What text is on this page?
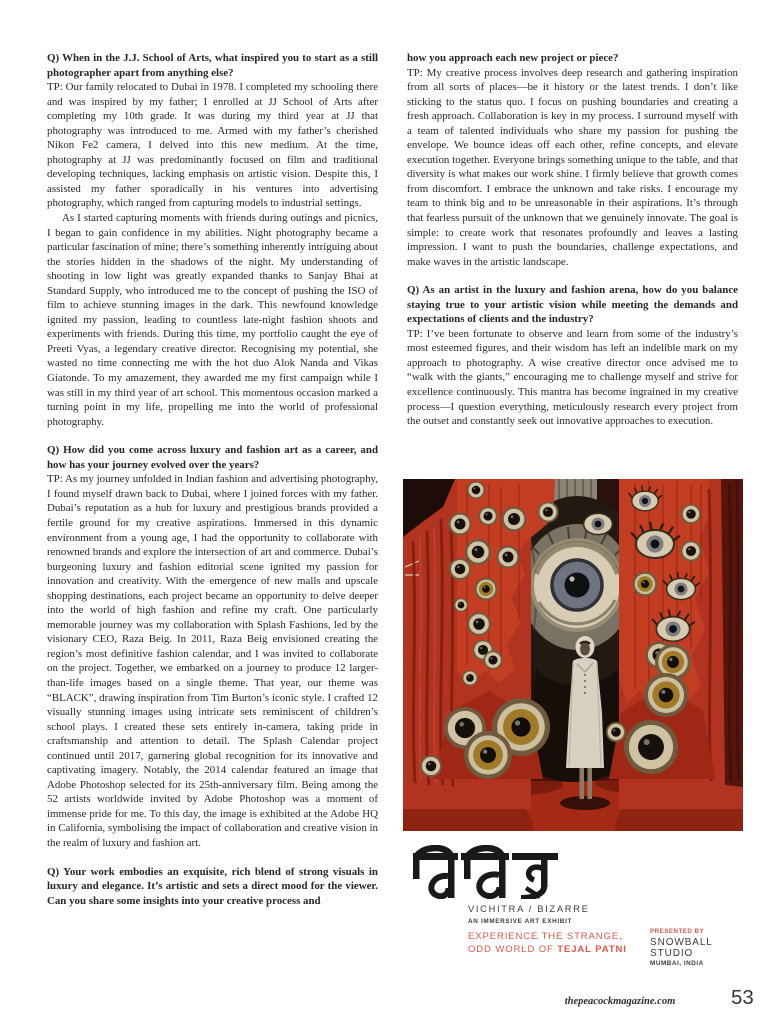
Q) When in the J.J. School of Arts, what inspired you to start as a still photographer apart from anything else?
TP: Our family relocated to Dubai in 1978. I completed my schooling there and was inspired by my father; I enrolled at JJ School of Arts after completing my 10th grade. It was during my third year at JJ that photography was introduced to me. Armed with my father’s cherished Nikon Fe2 camera, I delved into this new medium. At the time, photography at JJ was predominantly focused on film and traditional developing techniques, lacking emphasis on artistic vision. Despite this, I assisted my father sporadically in his ventures into advertising photography, which ranged from capturing models to industrial settings.
As I started capturing moments with friends during outings and picnics, I began to gain confidence in my abilities. Night photography became a particular fascination of mine; there’s something inherently intriguing about the stories hidden in the shadows of the night. My understanding of shooting in low light was greatly expanded thanks to Sanjay Bhai at Standard Supply, who introduced me to the concept of pushing the ISO of film to achieve stunning images in the dark. This newfound knowledge ignited my passion, leading to countless late-night fashion shoots and experiments with friends. During this time, my portfolio caught the eye of Preeti Vyas, a legendary creative director. Recognising my potential, she wasted no time connecting me with the hot duo Alok Nanda and Vikas Giatonde. To my amazement, they awarded me my first campaign while I was still in my third year of art school. This momentous occasion marked a turning point in my life, propelling me into the world of professional photography.
Q) How did you come across luxury and fashion art as a career, and how has your journey evolved over the years?
TP: As my journey unfolded in Indian fashion and advertising photography, I found myself drawn back to Dubai, where I joined forces with my father. Dubai’s reputation as a hub for luxury and prestigious brands provided a fertile ground for my creative aspirations. Immersed in this dynamic environment from a young age, I had the opportunity to collaborate with renowned brands and explore the intersection of art and commerce. Dubai’s burgeoning luxury and fashion editorial scene ignited my passion for innovation and creativity. With the emergence of new malls and upscale shopping destinations, each project became an opportunity to delve deeper into the world of high fashion and refine my craft. One particularly memorable journey was my collaboration with Splash Fashions, led by the visionary CEO, Raza Beig. In 2011, Raza Beig envisioned creating the region’s most definitive fashion calendar, and I was invited to collaborate on the project. Together, we embarked on a journey to produce 12 larger-than-life images based on a single theme. That year, our theme was “BLACK”, drawing inspiration from Tim Burton’s iconic style. I crafted 12 visually stunning images using intricate sets reminiscent of children’s school plays. I created these sets entirely in-camera, taking pride in craftsmanship and attention to detail. The Splash Calendar project continued until 2017, garnering global recognition for its innovative and captivating imagery. Notably, the 2014 calendar featured an image that Adobe Photoshop selected for its 25th-anniversary film. Being among the 52 artists worldwide invited by Adobe Photoshop was a moment of immense pride for me. To this day, the image is exhibited at the Adobe HQ in California, symbolising the impact of collaboration and creative vision in the realm of luxury and fashion art.
Q) Your work embodies an exquisite, rich blend of strong visuals in luxury and elegance. It’s artistic and sets a direct mood for the viewer. Can you share some insights into your creative process and
how you approach each new project or piece?
TP: My creative process involves deep research and gathering inspiration from all sorts of places—be it history or the latest trends. I don’t like sticking to the status quo. I focus on pushing boundaries and creating a fresh approach. Collaboration is key in my process. I surround myself with a team of talented individuals who share my passion for pushing the envelope. We bounce ideas off each other, refine concepts, and elevate execution together. Everyone brings something unique to the table, and that diversity is what makes our work shine. I firmly believe that growth comes from discomfort. I embrace the unknown and take risks. I encourage my team to think big and to be unreasonable in their aspirations. It’s through that fearless pursuit of the unknown that we genuinely innovate. The goal is simple: to create work that resonates profoundly and leaves a lasting impression. I want to push the boundaries, challenge expectations, and make waves in the artistic landscape.
Q) As an artist in the luxury and fashion arena, how do you balance staying true to your artistic vision while meeting the demands and expectations of clients and the industry?
TP: I’ve been fortunate to observe and learn from some of the industry’s most esteemed figures, and their wisdom has left an indelible mark on my approach to photography. A wise creative director once advised me to “walk with the giants,” encouraging me to challenge myself and strive for excellence continuously. This mantra has become ingrained in my creative process—I question everything, meticulously research every project from the outset and constantly seek out innovative approaches to execution.
VICHITRA / BIZARRE
AN IMMERSIVE ART EXHIBIT
EXPERIENCE THE STRANGE,
ODD WORLD OF TEJAL PATNI
PRESENTED BY
SNOWBALL STUDIO
MUMBAI, INDIA
thepeacockmagazine.com	53
